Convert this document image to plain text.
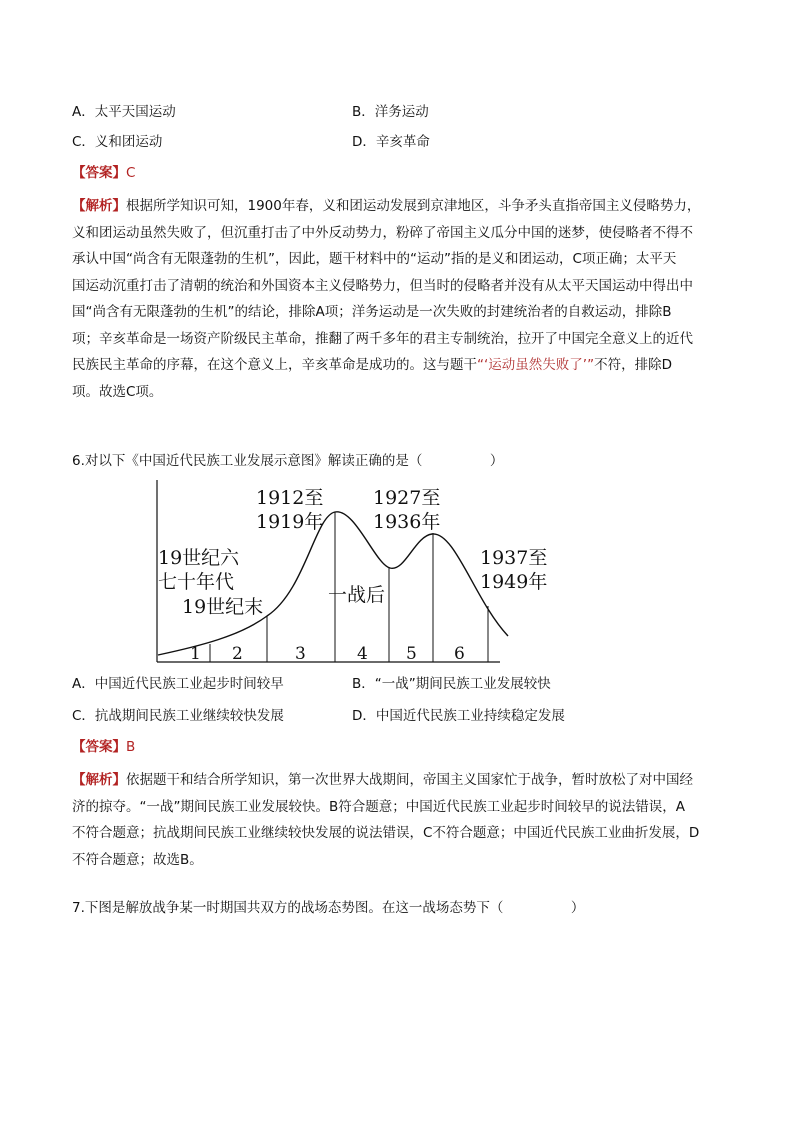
A．太平天国运动	B．洋务运动
C．义和团运动	D．辛亥革命
【答案】C
【解析】根据所学知识可知，1900年春，义和团运动发展到京津地区，斗争矛头直指帝国主义侵略势力，
义和团运动虽然失败了，但沉重打击了中外反动势力，粉碎了帝国主义瓜分中国的迷梦，使侵略者不得不
承认中国“尚含有无限蓬勃的生机”，因此，题干材料中的“运动”指的是义和团运动，C项正确；太平天
国运动沉重打击了清朝的统治和外国资本主义侵略势力，但当时的侵略者并没有从太平天国运动中得出中
国“尚含有无限蓬勃的生机”的结论，排除A项；洋务运动是一次失败的封建统治者的自救运动，排除B
项；辛亥革命是一场资产阶级民主革命，推翻了两千多年的君主专制统治，拉开了中国完全意义上的近代
民族民主革命的序幕，在这个意义上，辛亥革命是成功的。这与题干“‘运动虽然失败了’”不符，排除D
项。故选C项。
6.对以下《中国近代民族工业发展示意图》解读正确的是（　　　　　）
19世纪六
七十年代
19世纪末
1912至
1919年
一战后
1927至
1936年
1937至
1949年
1 2	3	4 5 6
A．中国近代民族工业起步时间较早	B．“一战”期间民族工业发展较快
C．抗战期间民族工业继续较快发展	D．中国近代民族工业持续稳定发展
【答案】B
【解析】依据题干和结合所学知识，第一次世界大战期间，帝国主义国家忙于战争，暂时放松了对中国经
济的掠夺。“一战”期间民族工业发展较快。B符合题意；中国近代民族工业起步时间较早的说法错误，A
不符合题意；抗战期间民族工业继续较快发展的说法错误，C不符合题意；中国近代民族工业曲折发展，D
不符合题意；故选B。
7.下图是解放战争某一时期国共双方的战场态势图。在这一战场态势下（　　　　　）
